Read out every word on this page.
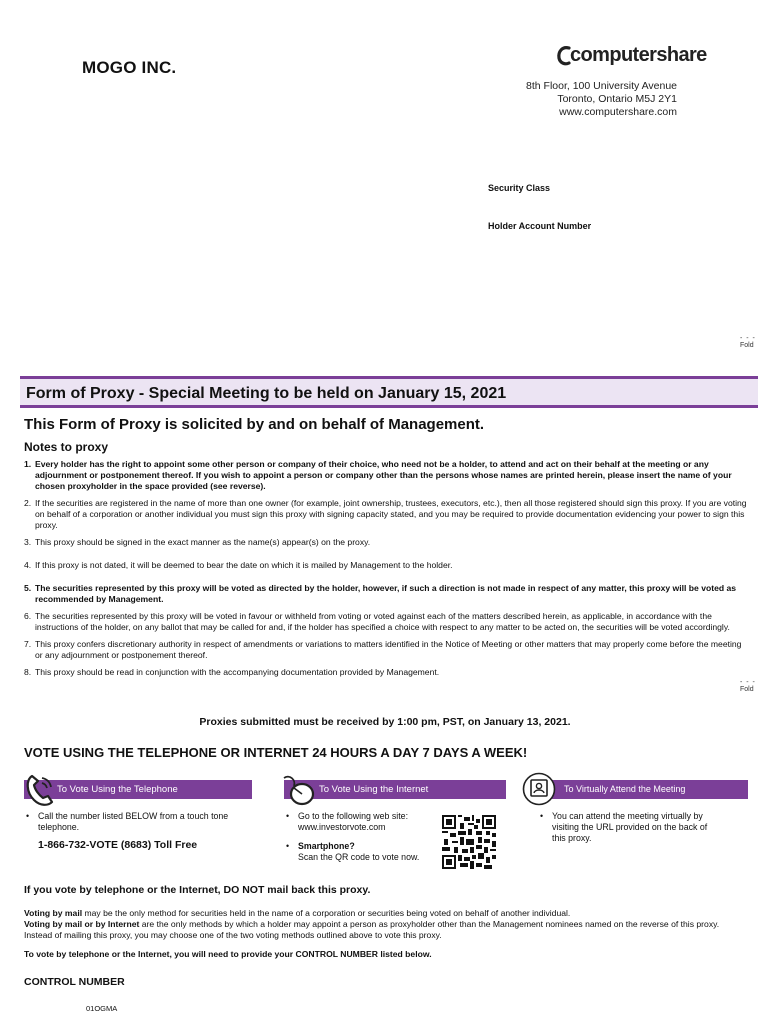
MOGO INC.
computershare
8th Floor, 100 University Avenue
Toronto, Ontario M5J 2Y1
www.computershare.com
Security Class
Holder Account Number
- - -
Fold
Form of Proxy - Special Meeting to be held on January 15, 2021
This Form of Proxy is solicited by and on behalf of Management.
Notes to proxy
1. Every holder has the right to appoint some other person or company of their choice, who need not be a holder, to attend and act on their behalf at the meeting or any adjournment or postponement thereof. If you wish to appoint a person or company other than the persons whose names are printed herein, please insert the name of your chosen proxyholder in the space provided (see reverse).
2. If the securities are registered in the name of more than one owner (for example, joint ownership, trustees, executors, etc.), then all those registered should sign this proxy. If you are voting on behalf of a corporation or another individual you must sign this proxy with signing capacity stated, and you may be required to provide documentation evidencing your power to sign this proxy.
3. This proxy should be signed in the exact manner as the name(s) appear(s) on the proxy.
4. If this proxy is not dated, it will be deemed to bear the date on which it is mailed by Management to the holder.
5. The securities represented by this proxy will be voted as directed by the holder, however, if such a direction is not made in respect of any matter, this proxy will be voted as recommended by Management.
6. The securities represented by this proxy will be voted in favour or withheld from voting or voted against each of the matters described herein, as applicable, in accordance with the instructions of the holder, on any ballot that may be called for and, if the holder has specified a choice with respect to any matter to be acted on, the securities will be voted accordingly.
7. This proxy confers discretionary authority in respect of amendments or variations to matters identified in the Notice of Meeting or other matters that may properly come before the meeting or any adjournment or postponement thereof.
8. This proxy should be read in conjunction with the accompanying documentation provided by Management.
- - -
Fold
Proxies submitted must be received by 1:00 pm, PST, on January 13, 2021.
VOTE USING THE TELEPHONE OR INTERNET 24 HOURS A DAY 7 DAYS A WEEK!
To Vote Using the Telephone	To Vote Using the Internet	To Virtually Attend the Meeting
•	Call the number listed BELOW from a touch tone telephone.
1-866-732-VOTE (8683) Toll Free
•	Go to the following web site: www.investorvote.com
•	Smartphone?
Scan the QR code to vote now.
•	You can attend the meeting virtually by visiting the URL provided on the back of this proxy.
If you vote by telephone or the Internet, DO NOT mail back this proxy.
Voting by mail may be the only method for securities held in the name of a corporation or securities being voted on behalf of another individual.
Voting by mail or by Internet are the only methods by which a holder may appoint a person as proxyholder other than the Management nominees named on the reverse of this proxy.
Instead of mailing this proxy, you may choose one of the two voting methods outlined above to vote this proxy.
To vote by telephone or the Internet, you will need to provide your CONTROL NUMBER listed below.
CONTROL NUMBER
01OGMA
